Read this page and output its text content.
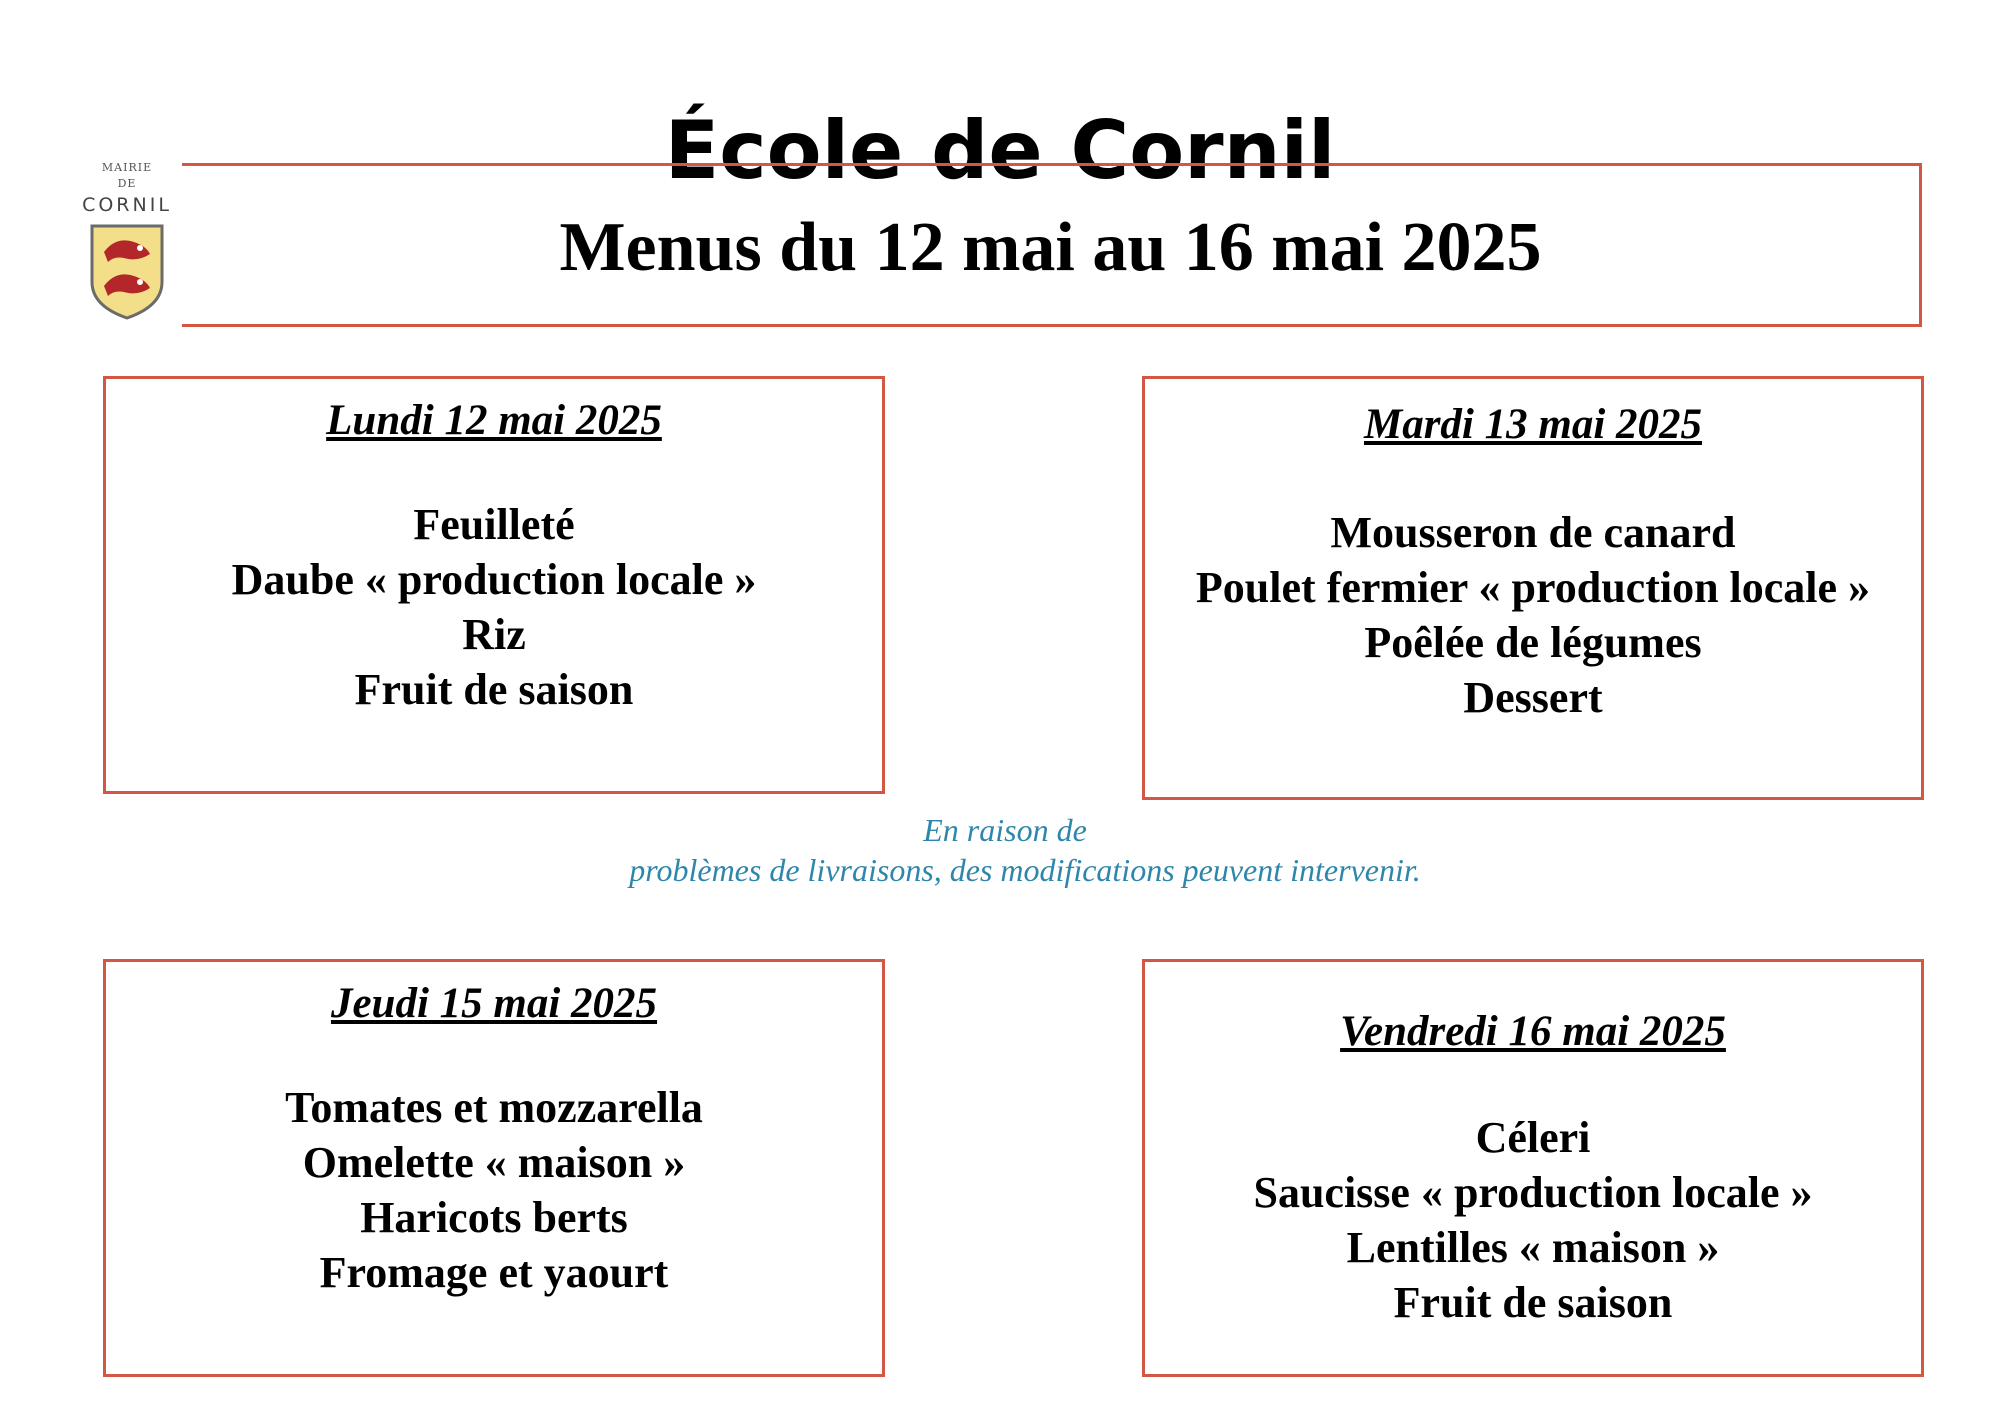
École de Cornil
MAIRIE
DE
CORNIL
Menus du 12 mai au 16 mai 2025
Lundi 12 mai 2025
Feuilleté
Daube « production locale »
Riz
Fruit de saison
Mardi 13 mai 2025
Mousseron de canard
Poulet fermier « production locale »
Poêlée de légumes
Dessert
En raison de
problèmes de livraisons, des modifications peuvent intervenir.
Jeudi 15 mai 2025
Tomates et mozzarella
Omelette « maison »
Haricots berts
Fromage et yaourt
Vendredi 16 mai 2025
Céleri
Saucisse « production locale »
Lentilles « maison »
Fruit de saison
